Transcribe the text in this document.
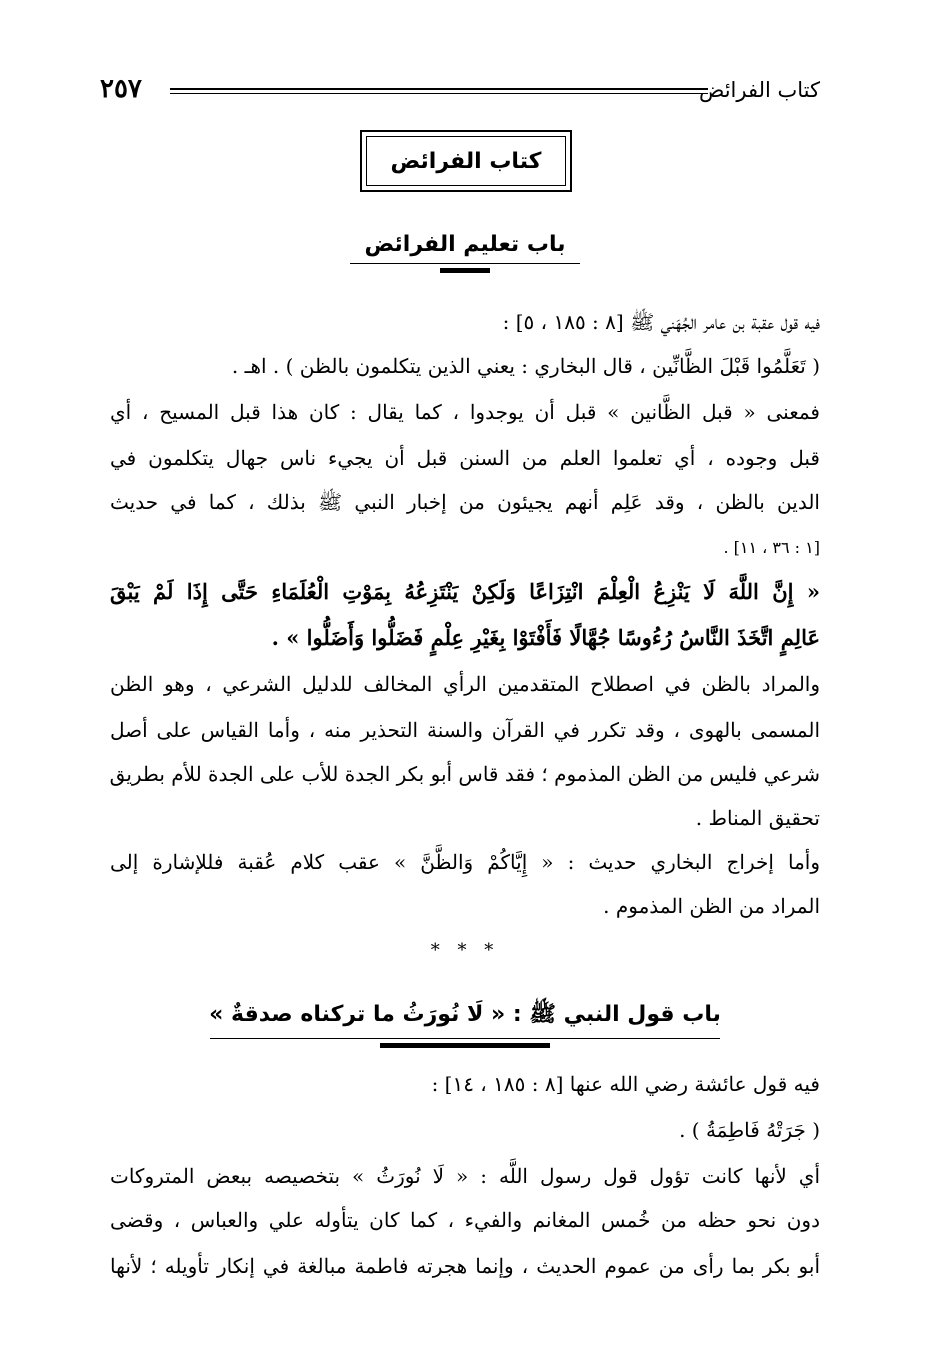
كتاب الفرائض
٢٥٧
كتاب الفرائض
باب تعليم الفرائض
فيه قول عقبة بن عامر الجُهَني ﷺ [٨ : ١٨٥ ، ٥] :
( تَعَلَّمُوا قَبْلَ الظَّانِّين ، قال البخاري : يعني الذين يتكلمون بالظن ) . اهـ .
فمعنى « قبل الظَّانين » قبل أن يوجدوا ، كما يقال : كان هذا قبل المسيح ، أي
قبل وجوده ، أي تعلموا العلم من السنن قبل أن يجيء ناس جهال يتكلمون في
الدين بالظن ، وقد عَلِم أنهم يجيئون من إخبار النبي ﷺ بذلك ، كما في حديث
[١ : ٣٦ ، ١١] .
« إِنَّ اللَّهَ لَا يَنْزِعُ الْعِلْمَ انْتِزَاعًا وَلَكِنْ يَنْتَزِعُهُ بِمَوْتِ الْعُلَمَاءِ حَتَّى إِذَا لَمْ يَبْقَ
عَالِمٍ اتَّخَذَ النَّاسُ رُءُوسًا جُهَّالًا فَأَفْتَوْا بِغَيْرِ عِلْمٍ فَضَلُّوا وَأَضَلُّوا » .
والمراد بالظن في اصطلاح المتقدمين الرأي المخالف للدليل الشرعي ، وهو الظن
المسمى بالهوى ، وقد تكرر في القرآن والسنة التحذير منه ، وأما القياس على أصل
شرعي فليس من الظن المذموم ؛ فقد قاس أبو بكر الجدة للأب على الجدة للأم بطريق
تحقيق المناط .
وأما إخراج البخاري حديث : « إِيَّاكُمْ وَالظَّنَّ » عقب كلام عُقبة فللإشارة إلى
المراد من الظن المذموم .
* * *
باب قول النبي ﷺ : « لَا نُورَثُ ما تركناه صدقةٌ »
فيه قول عائشة رضي الله عنها [٨ : ١٨٥ ، ١٤] :
( جَرَتْهُ فَاطِمَةُ ) .
أي لأنها كانت تؤول قول رسول اللَّه : « لَا نُورَثُ » بتخصيصه ببعض المتروكات
دون نحو حظه من خُمس المغانم والفيء ، كما كان يتأوله علي والعباس ، وقضى
أبو بكر بما رأى من عموم الحديث ، وإنما هجرته فاطمة مبالغة في إنكار تأويله ؛ لأنها
